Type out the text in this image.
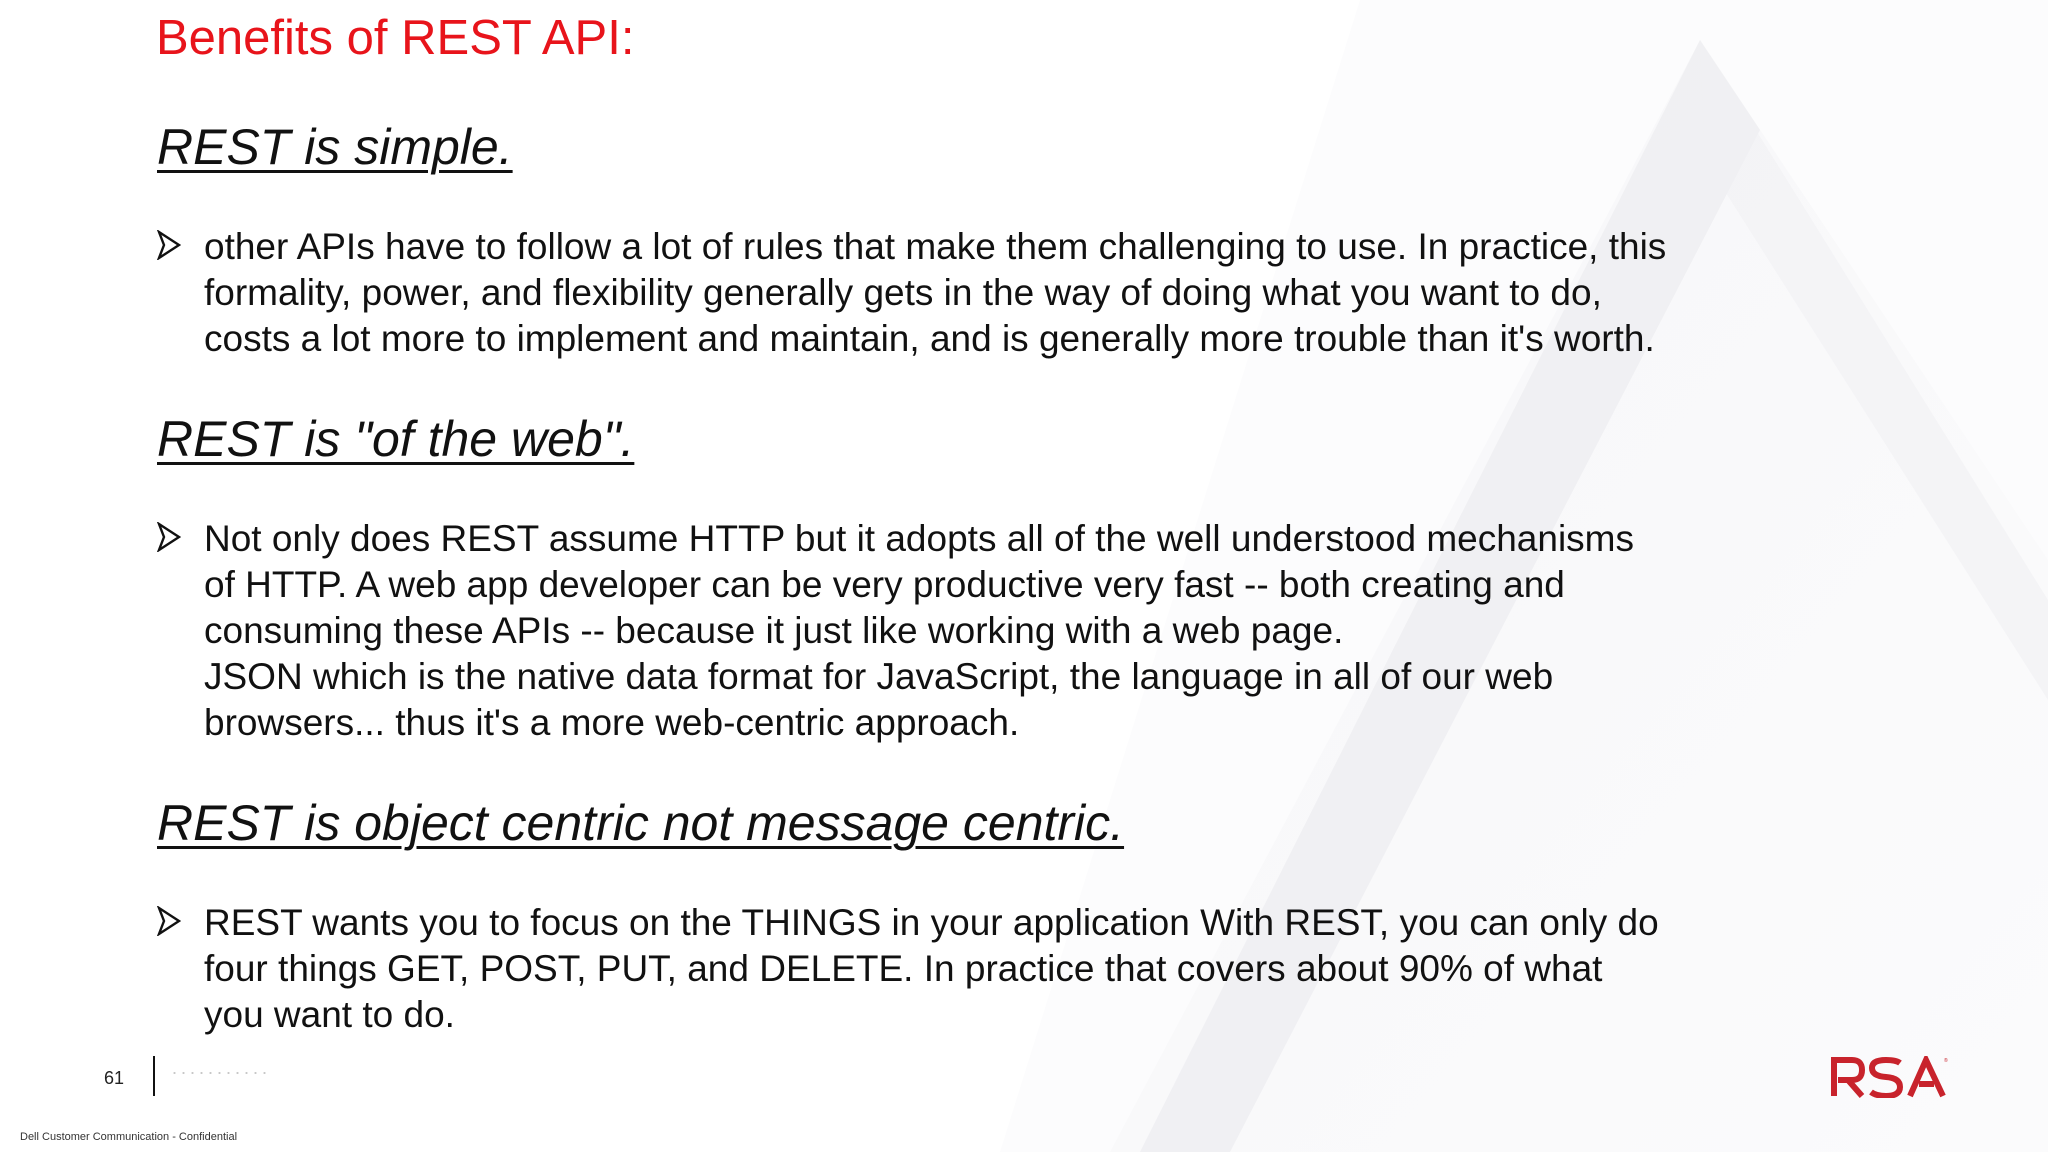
Benefits of REST API:
REST is simple.
other APIs have to follow a lot of rules that make them challenging to use. In practice, this
formality, power, and flexibility generally gets in the way of doing what you want to do,
costs a lot more to implement and maintain, and is generally more trouble than it's worth.
REST is "of the web".
Not only does REST assume HTTP but it adopts all of the well understood mechanisms
of HTTP. A web app developer can be very productive very fast -- both creating and
consuming these APIs -- because it just like working with a web page.
JSON which is the native data format for JavaScript, the language in all of our web
browsers... thus it's a more web-centric approach.
REST is object centric not message centric.
REST wants you to focus on the THINGS in your application With REST, you can only do
four things GET, POST, PUT, and DELETE. In practice that covers about 90% of what
you want to do.
61
Dell Customer Communication - Confidential
®
